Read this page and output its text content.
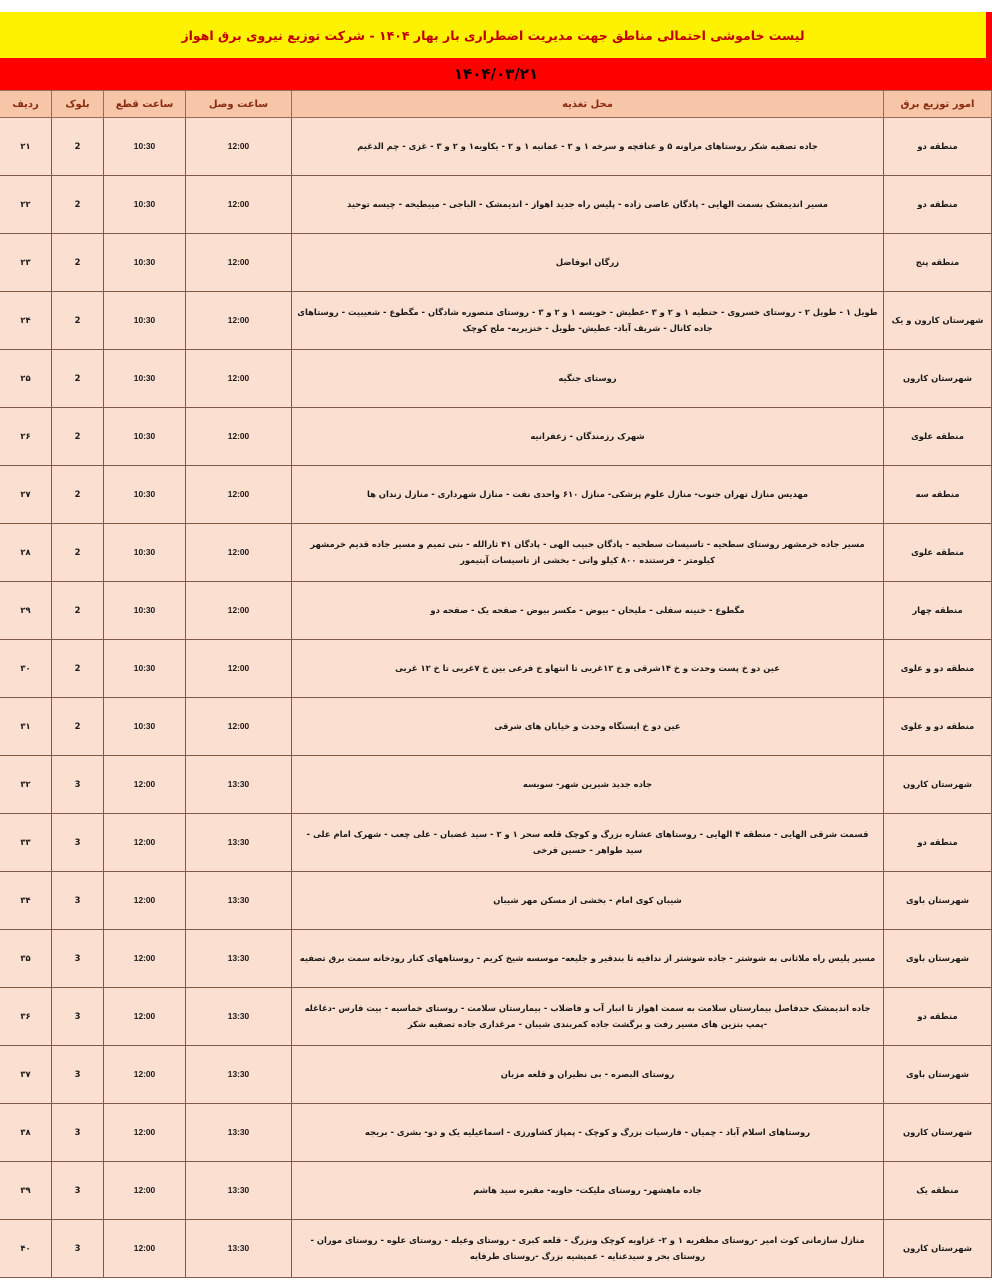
لیست خاموشی احتمالی مناطق جهت مدیریت اضطراری بار بهار ۱۴۰۴ - شرکت توزیع نیروی برق اهواز
۱۴۰۴/۰۳/۲۱
امور توزیع برق	محل تغذیه	ساعت وصل	ساعت قطع	بلوک	ردیف
منطقه دو	جاده تصفیه شکر روستاهای مراونه ۵ و عنافچه و سرخه ۱ و ۲ - عمانیه ۱ و ۲ - یکاویه۱ و ۲ و ۳ - غزی - چم الدغیم	12:00	10:30	2	۲۱
منطقه دو	مسیر اندیمشک بسمت الهایی - پادگان عاصی زاده - پلیس راه جدید اهواز - اندیمشک - الباجی - میبطیحه - چیسه توحید	12:00	10:30	2	۲۲
منطقه پنج	زرگان ابوفاضل	12:00	10:30	2	۲۳
شهرستان کارون و یک	طویل ۱ - طویل ۲ - روستای خسروی - حنطیه ۱ و ۲ و ۳ -عطیش - خویسه ۱ و ۲ و ۳ - روستای منصوره شادگان - مگطوع - شعیبیت - روستاهای جاده کانال - شریف آباد- عطیش- طویل - خنزیریه- ملح کوچک	12:00	10:30	2	۲۴
شهرستان کارون	روستای جنگیه	12:00	10:30	2	۲۵
منطقه علوی	شهرک رزمندگان - زعفرانیه	12:00	10:30	2	۲۶
منطقه سه	مهدیس منازل تهران جنوب- منازل علوم پزشکی- منازل ۶۱۰ واحدی نفت - منازل شهرداری - منازل زندان ها	12:00	10:30	2	۲۷
منطقه علوی	مسیر جاده خرمشهر روستای سطحیه - تاسیسات سطحیه - پادگان حبیب الهی - پادگان ۴۱ ثارالله - بنی تمیم و مسیر جاده قدیم خرمشهر کیلومتر - فرستنده ۸۰۰ کیلو واتی - بخشی از تاسیسات آبتیمور	12:00	10:30	2	۲۸
منطقه چهار	مگطوع - خنینه سفلی - ملیحان - بیوض - مکسر بیوض - صفحه یک - صفحه دو	12:00	10:30	2	۲۹
منطقه دو و علوی	عین دو خ پست وحدت و خ ۱۴شرقی و خ ۱۲غربی تا انتهاو خ فرعی بین خ ۷غربی تا خ ۱۲ غربی	12:00	10:30	2	۳۰
منطقه دو و علوی	عین دو خ ایستگاه وحدت و خیابان های شرقی	12:00	10:30	2	۳۱
شهرستان کارون	جاده جدید شیرین شهر- سویسه	13:30	12:00	3	۳۲
منطقه دو	قسمت شرقی الهایی - منطقه ۴ الهایی - روستاهای عشاره بزرگ و کوچک قلعه سحر ۱ و ۲ - سید غضبان - علی چعب - شهرک امام علی - سید طواهر - حسین فرخی	13:30	12:00	3	۳۳
شهرستان باوی	شیبان کوی امام - بخشی از مسکن مهر شیبان	13:30	12:00	3	۳۴
شهرستان باوی	مسیر پلیس راه ملاثانی به شوشتر - جاده شوشتر از ندافیه تا بندقیر و جلیعه- موسسه شیخ کریم - روستاههای کنار رودخانه سمت برق تصفیه	13:30	12:00	3	۳۵
منطقه دو	جاده اندیمشک حدفاصل بیمارستان سلامت به سمت اهواز تا انبار آب و فاضلاب - بیمارستان سلامت - روستای خماسیه - بیت فارس -دغاغله -پمپ بنزین های مسیر رفت و برگشت جاده کمربندی شیبان - مرغداری جاده تصفیه شکر	13:30	12:00	3	۳۶
شهرستان باوی	روستای البصره - بی نظیران و قلعه مزبان	13:30	12:00	3	۳۷
شهرستان کارون	روستاهای اسلام آباد - چمیان - فارسیات بزرگ و کوچک - پمپاژ کشاورزی - اسماعیلیه یک و دو- بشری - بریجه	13:30	12:00	3	۳۸
منطقه یک	جاده ماهشهر- روستای ملیکت- حاویه- مقبره سید هاشم	13:30	12:00	3	۳۹
شهرستان کارون	منازل سازمانی کوت امیر -روستای مظفریه ۱ و ۲- غزاویه کوچک وبزرگ - قلعه کبری - روستای وعیله - روستای علوه - روستای موران - روستای بحر و سیدعنایه - عمیشیه بزرگ -روستای طرفایه	13:30	12:00	3	۴۰
